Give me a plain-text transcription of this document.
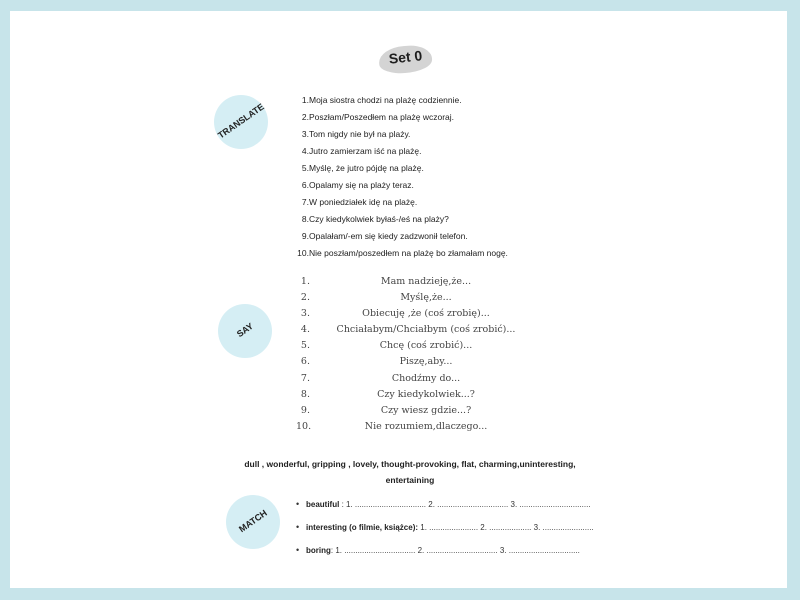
Set 0
TRANSLATE
SAY
MATCH
1.Moja siostra chodzi na plażę codziennie.
2.Poszłam/Poszedłem na plażę wczoraj.
3.Tom nigdy nie był na plaży.
4.Jutro zamierzam iść na plażę.
5.Myślę, że jutro pójdę na plażę.
6.Opalamy się na plaży teraz.
7.W poniedziałek idę na plażę.
8.Czy kiedykolwiek byłaś-/eś na plaży?
9.Opalałam/-em się kiedy zadzwonił telefon.
10.Nie poszłam/poszedłem na plażę bo złamałam nogę.
1.	Mam nadzieję,że...
2.	Myślę,że...
3.	Obiecuję ,że (coś zrobię)...
4.	Chciałabym/Chciałbym (coś zrobić)...
5.	Chcę (coś zrobić)...
6.	Piszę,aby...
7.	Chodźmy do...
8.	Czy kiedykolwiek...?
9.	Czy wiesz gdzie...?
10.	Nie rozumiem,dlaczego...
dull , wonderful, gripping , lovely, thought-provoking, flat, charming,uninteresting,
entertaining
• beautiful : 1. ................................ 2. ................................ 3. ................................
• interesting (o filmie, książce): 1. ...................... 2. ................... 3. .......................
• boring: 1. ................................ 2. ................................ 3. ................................
